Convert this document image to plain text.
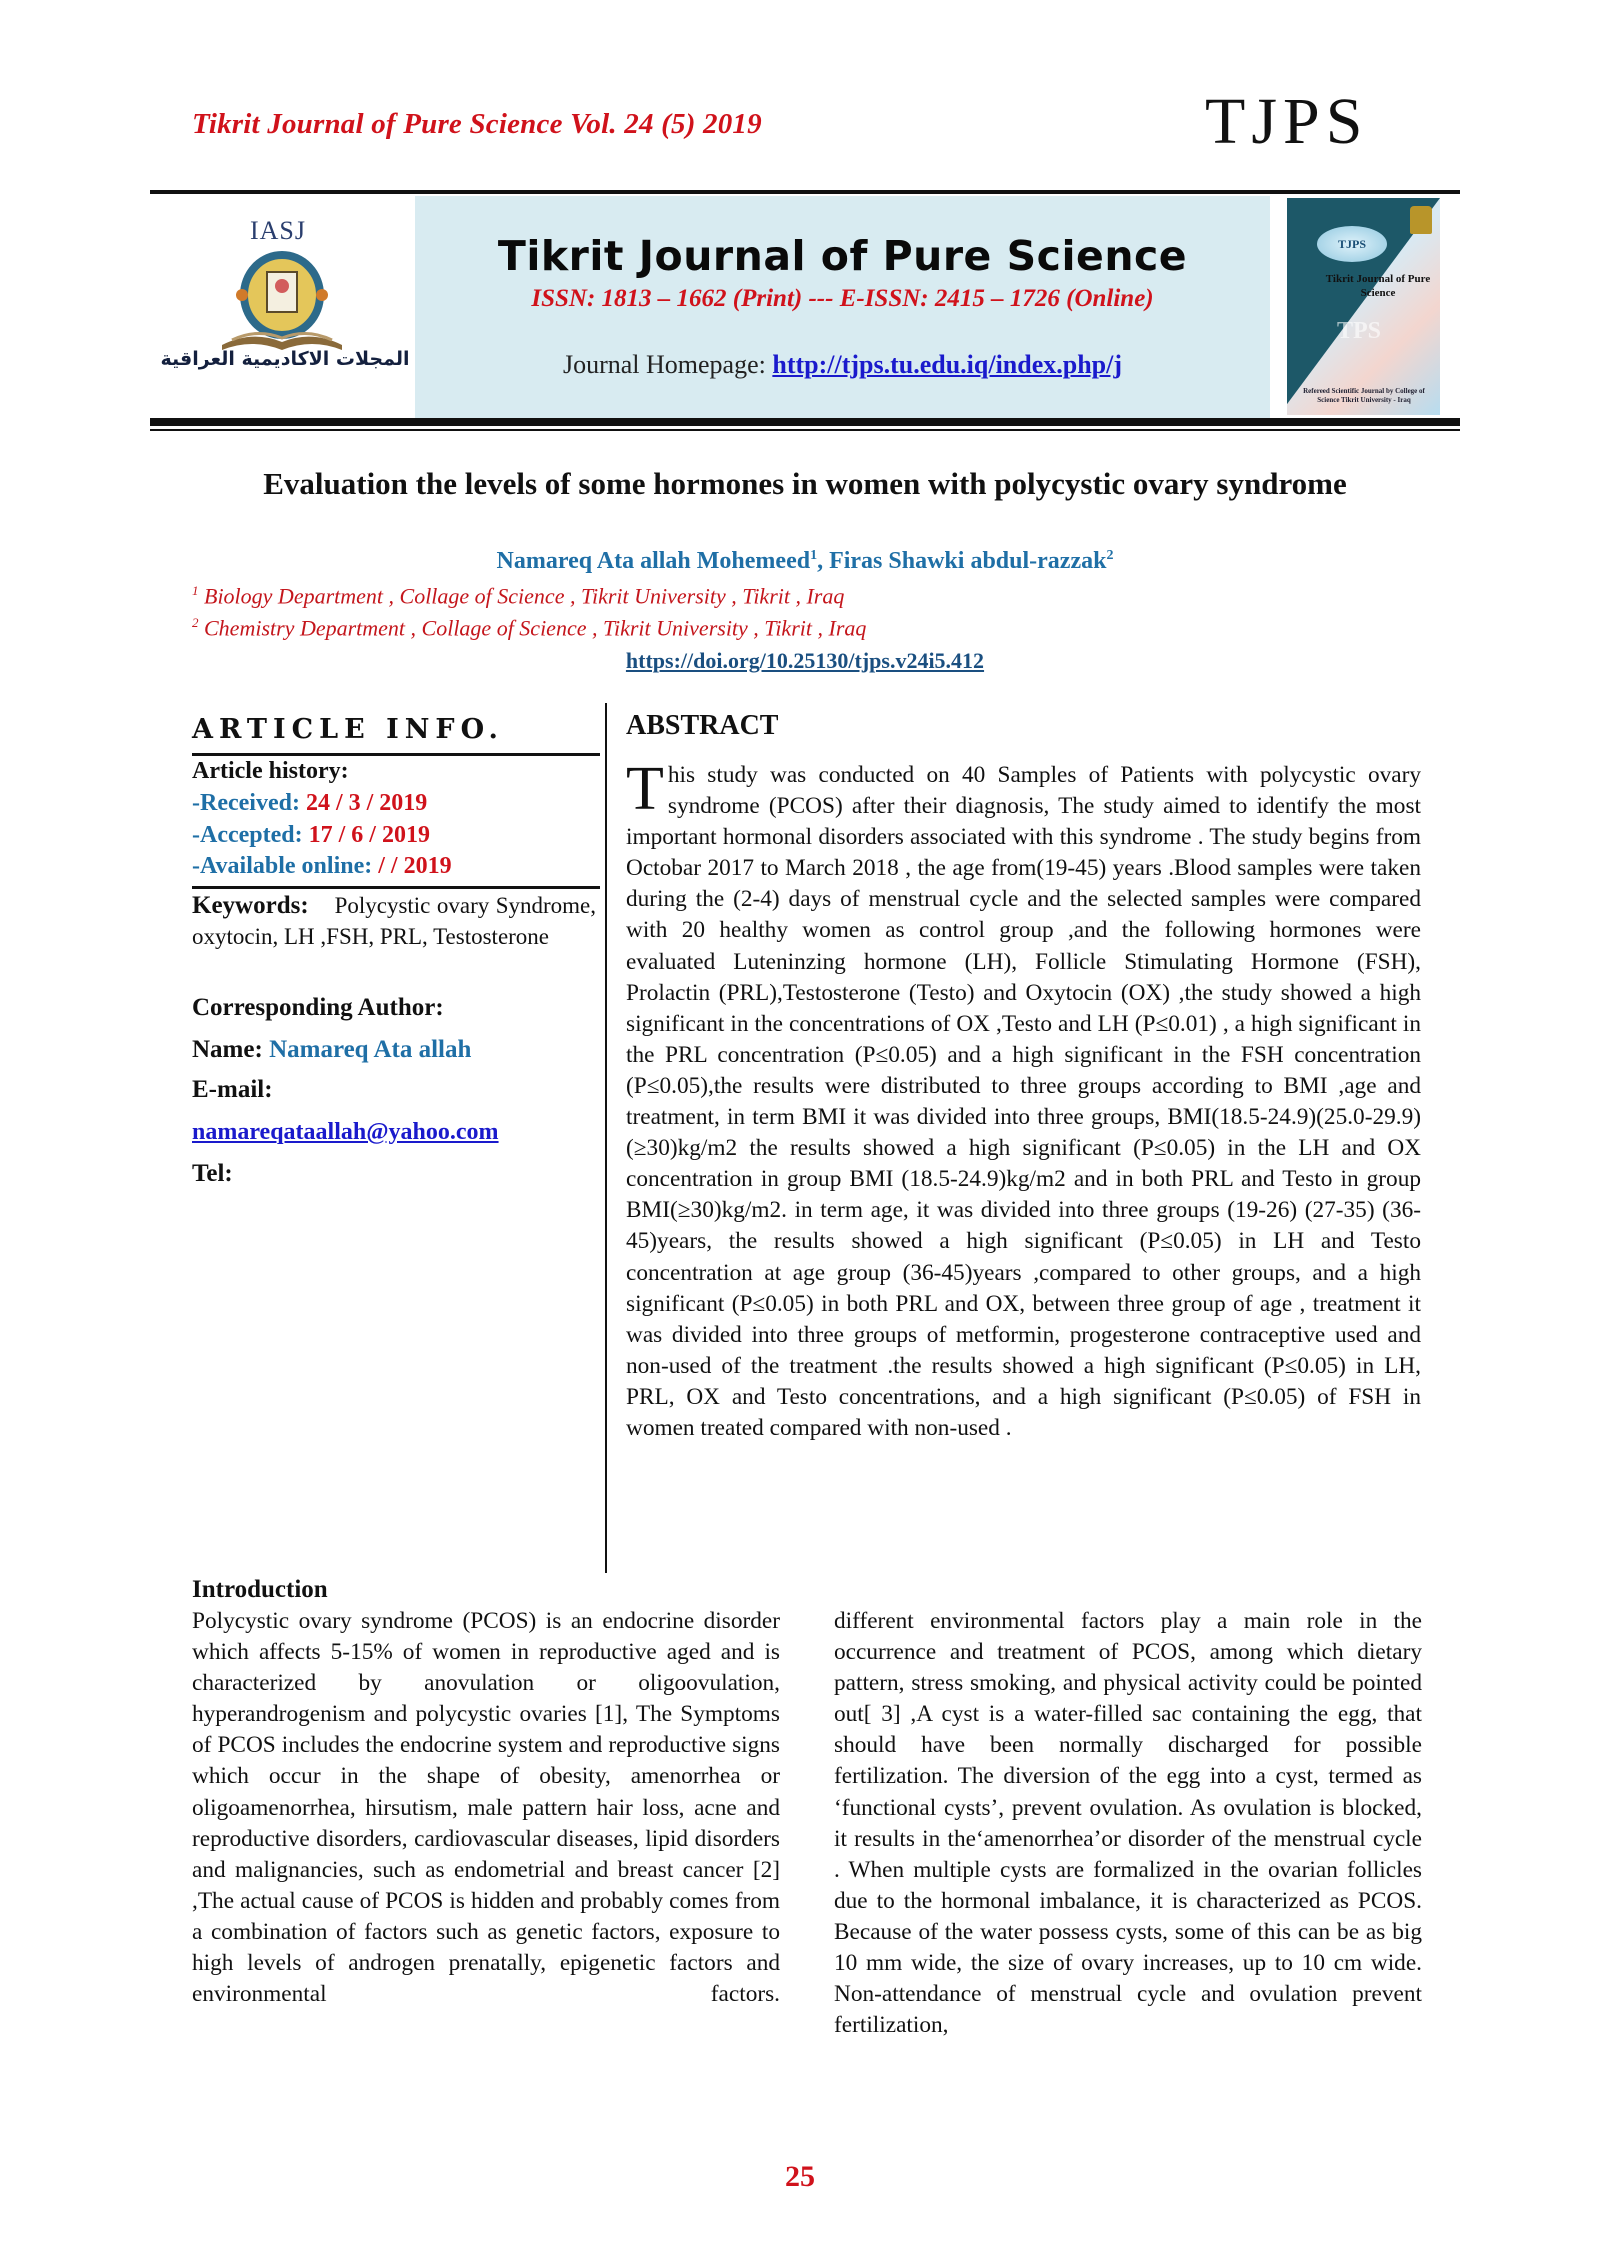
Tikrit Journal of Pure Science Vol. 24 (5) 2019	TJPS
IASJ
المجلات الاكاديمية العراقية
Tikrit Journal of Pure Science
ISSN: 1813 – 1662 (Print) --- E-ISSN: 2415 – 1726 (Online)
Journal Homepage: http://tjps.tu.edu.iq/index.php/j
TJPS
Tikrit Journal of Pure Science
TPS
Refereed Scientific Journal by College of Science Tikrit University - Iraq
Evaluation the levels of some hormones in women with polycystic ovary syndrome
Namareq Ata allah Mohemeed$^1$, Firas Shawki abdul-razzak$^2$
$^1$ Biology Department , Collage of Science , Tikrit University , Tikrit , Iraq
$^2$ Chemistry Department , Collage of Science , Tikrit University , Tikrit , Iraq
https://doi.org/10.25130/tjps.v24i5.412
ARTICLE INFO.
Article history:
-Received: 24 / 3 / 2019
-Accepted: 17 / 6 / 2019
-Available online: / / 2019
Keywords: Polycystic ovary Syndrome, oxytocin, LH ,FSH, PRL, Testosterone
Corresponding Author:
Name: Namareq Ata allah
E-mail:
namareqataallah@yahoo.com
Tel:
ABSTRACT
This study was conducted on 40 Samples of Patients with polycystic ovary syndrome (PCOS) after their diagnosis, The study aimed to identify the most important hormonal disorders associated with this syndrome . The study begins from Octobar 2017 to March 2018 , the age from(19-45) years .Blood samples were taken during the (2-4) days of menstrual cycle and the selected samples were compared with 20 healthy women as control group ,and the following hormones were evaluated Luteninzing hormone (LH), Follicle Stimulating Hormone (FSH), Prolactin (PRL),Testosterone (Testo) and Oxytocin (OX) ,the study showed a high significant in the concentrations of OX ,Testo and LH (P≤0.01) , a high significant in the PRL concentration (P≤0.05) and a high significant in the FSH concentration (P≤0.05),the results were distributed to three groups according to BMI ,age and treatment, in term BMI it was divided into three groups, BMI(18.5-24.9)(25.0-29.9)(≥30)kg/m2 the results showed a high significant (P≤0.05) in the LH and OX concentration in group BMI (18.5-24.9)kg/m2 and in both PRL and Testo in group BMI(≥30)kg/m2. in term age, it was divided into three groups (19-26) (27-35) (36-45)years, the results showed a high significant (P≤0.05) in LH and Testo concentration at age group (36-45)years ,compared to other groups, and a high significant (P≤0.05) in both PRL and OX, between three group of age , treatment it was divided into three groups of metformin, progesterone contraceptive used and non-used of the treatment .the results showed a high significant (P≤0.05) in LH, PRL, OX and Testo concentrations, and a high significant (P≤0.05) of FSH in women treated compared with non-used .
Introduction
Polycystic ovary syndrome (PCOS) is an endocrine disorder which affects 5-15% of women in reproductive aged and is characterized by anovulation or oligoovulation, hyperandrogenism and polycystic ovaries [1], The Symptoms of PCOS includes the endocrine system and reproductive signs which occur in the shape of obesity, amenorrhea or oligoamenorrhea, hirsutism, male pattern hair loss, acne and reproductive disorders, cardiovascular diseases, lipid disorders and malignancies, such as endometrial and breast cancer [2] ,The actual cause of PCOS is hidden and probably comes from a combination of factors such as genetic factors, exposure to high levels of androgen prenatally, epigenetic factors and environmental factors.
different environmental factors play a main role in the occurrence and treatment of PCOS, among which dietary pattern, stress smoking, and physical activity could be pointed out[ 3] ,A cyst is a water-filled sac containing the egg, that should have been normally discharged for possible fertilization. The diversion of the egg into a cyst, termed as ‘functional cysts’, prevent ovulation. As ovulation is blocked, it results in the‘amenorrhea’or disorder of the menstrual cycle . When multiple cysts are formalized in the ovarian follicles due to the hormonal imbalance, it is characterized as PCOS. Because of the water possess cysts, some of this can be as big 10 mm wide, the size of ovary increases, up to 10 cm wide. Non-attendance of menstrual cycle and ovulation prevent fertilization,
25
